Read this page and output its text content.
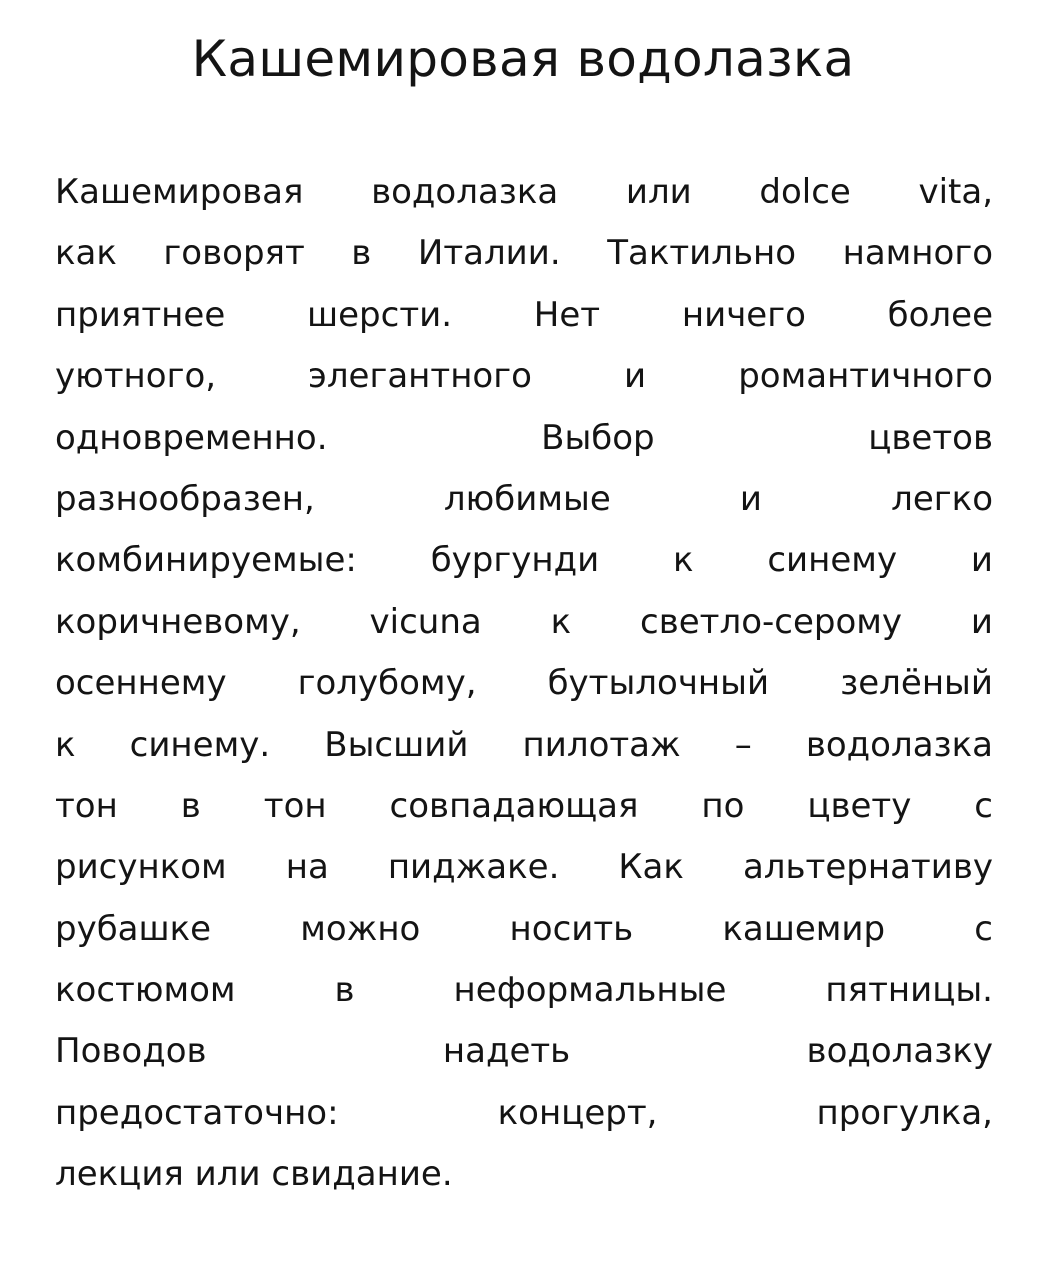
Кашемировая водолазка
Кашемировая водолазка или dolce vita,
как говорят в Италии. Тактильно намного
приятнее шерсти. Нет ничего более
уютного, элегантного и романтичного
одновременно. Выбор цветов
разнообразен, любимые и легко
комбинируемые: бургунди к синему и
коричневому, vicuna к светло-серому и
осеннему голубому, бутылочный зелёный
к синему. Высший пилотаж – водолазка
тон в тон совпадающая по цвету с
рисунком на пиджаке. Как альтернативу
рубашке можно носить кашемир с
костюмом в неформальные пятницы.
Поводов надеть водолазку
предостаточно: концерт, прогулка,
лекция или свидание.
